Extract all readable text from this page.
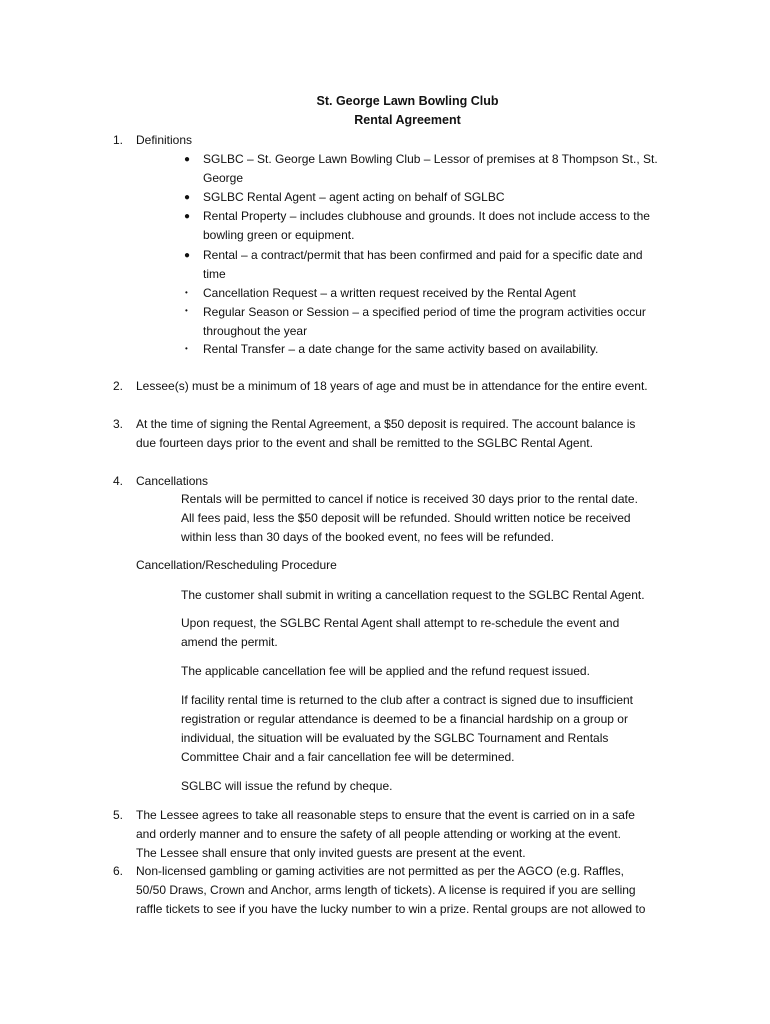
St. George Lawn Bowling Club
Rental Agreement
1. Definitions
● SGLBC – St. George Lawn Bowling Club – Lessor of premises at 8 Thompson St., St.
George
● SGLBC Rental Agent – agent acting on behalf of SGLBC
● Rental Property – includes clubhouse and grounds. It does not include access to the
bowling green or equipment.
● Rental – a contract/permit that has been confirmed and paid for a specific date and
time
• Cancellation Request – a written request received by the Rental Agent
• Regular Season or Session – a specified period of time the program activities occur
throughout the year
• Rental Transfer – a date change for the same activity based on availability.
2. Lessee(s) must be a minimum of 18 years of age and must be in attendance for the entire event.
3. At the time of signing the Rental Agreement, a $50 deposit is required. The account balance is
due fourteen days prior to the event and shall be remitted to the SGLBC Rental Agent.
4. Cancellations
Rentals will be permitted to cancel if notice is received 30 days prior to the rental date.
All fees paid, less the $50 deposit will be refunded. Should written notice be received
within less than 30 days of the booked event, no fees will be refunded.
Cancellation/Rescheduling Procedure
The customer shall submit in writing a cancellation request to the SGLBC Rental Agent.
Upon request, the SGLBC Rental Agent shall attempt to re-schedule the event and
amend the permit.
The applicable cancellation fee will be applied and the refund request issued.
If facility rental time is returned to the club after a contract is signed due to insufficient
registration or regular attendance is deemed to be a financial hardship on a group or
individual, the situation will be evaluated by the SGLBC Tournament and Rentals
Committee Chair and a fair cancellation fee will be determined.
SGLBC will issue the refund by cheque.
5. The Lessee agrees to take all reasonable steps to ensure that the event is carried on in a safe
and orderly manner and to ensure the safety of all people attending or working at the event.
The Lessee shall ensure that only invited guests are present at the event.
6. Non-licensed gambling or gaming activities are not permitted as per the AGCO (e.g. Raffles,
50/50 Draws, Crown and Anchor, arms length of tickets). A license is required if you are selling
raffle tickets to see if you have the lucky number to win a prize. Rental groups are not allowed to
